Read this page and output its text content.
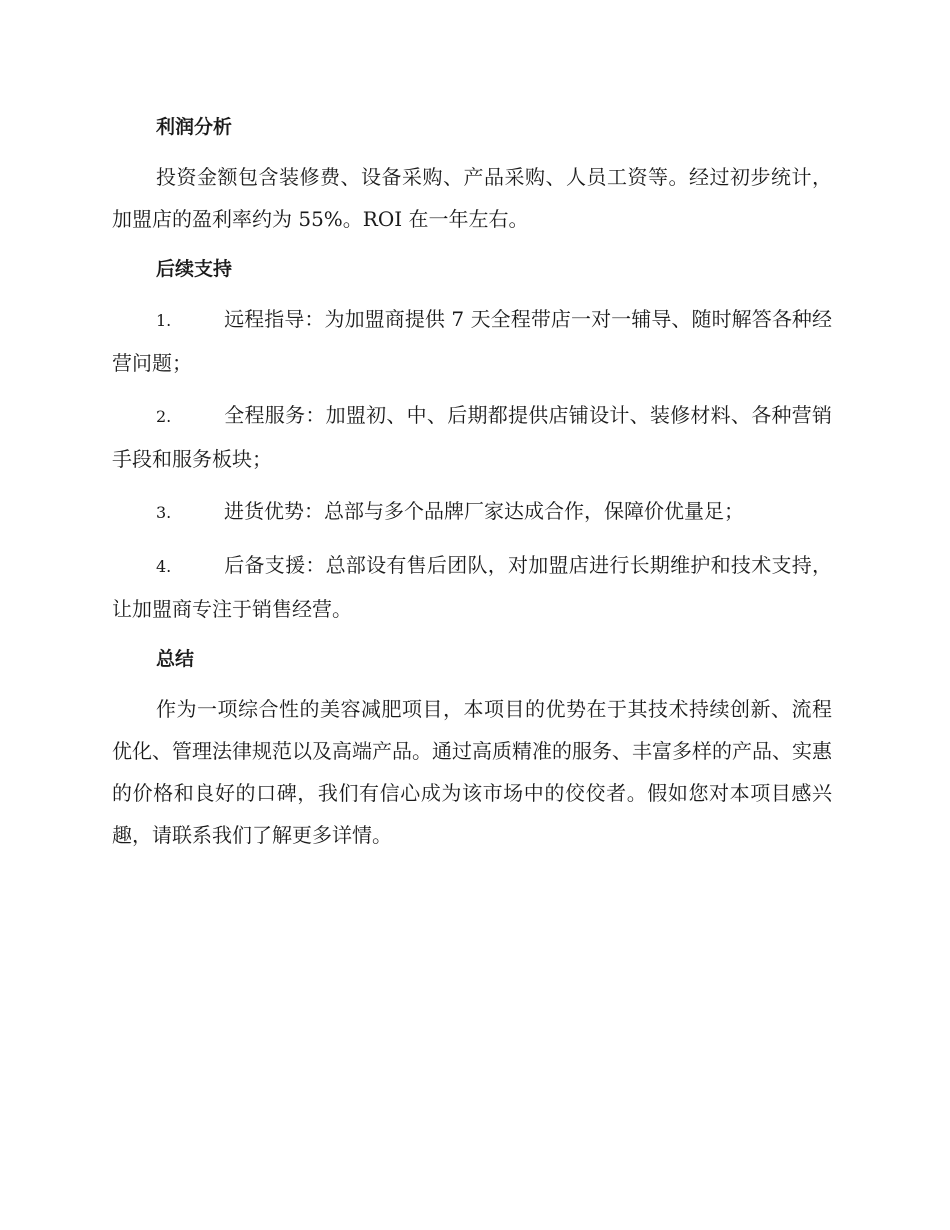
利润分析
投资金额包含装修费、设备采购、产品采购、人员工资等。经过初步统计，加盟店的盈利率约为 55%。ROI 在一年左右。
后续支持
1.	远程指导：为加盟商提供 7 天全程带店一对一辅导、随时解答各种经营问题；
2.	全程服务：加盟初、中、后期都提供店铺设计、装修材料、各种营销手段和服务板块；
3.	进货优势：总部与多个品牌厂家达成合作，保障价优量足；
4.	后备支援：总部设有售后团队，对加盟店进行长期维护和技术支持，让加盟商专注于销售经营。
总结
作为一项综合性的美容减肥项目，本项目的优势在于其技术持续创新、流程优化、管理法律规范以及高端产品。通过高质精准的服务、丰富多样的产品、实惠的价格和良好的口碑，我们有信心成为该市场中的佼佼者。假如您对本项目感兴趣，请联系我们了解更多详情。
